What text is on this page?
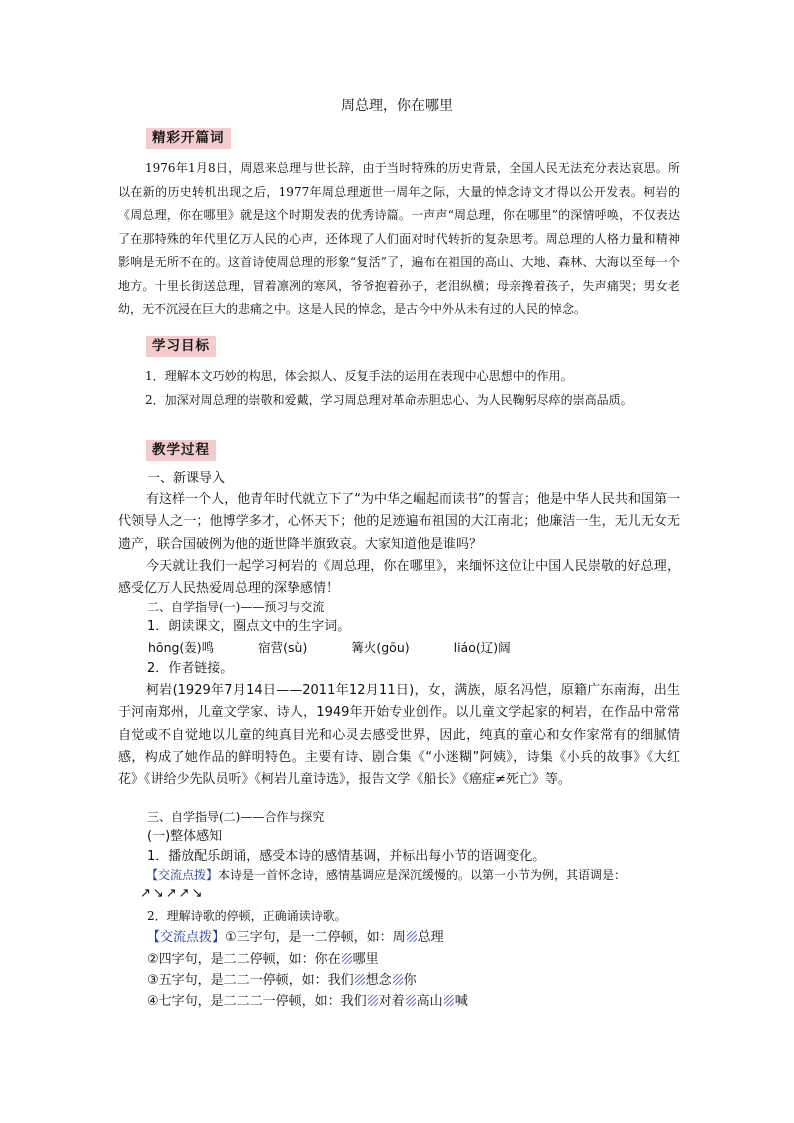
周总理，你在哪里
精彩开篇词
1976年1月8日，周恩来总理与世长辞，由于当时特殊的历史背景，全国人民无法充分表达哀思。所以在新的历史转机出现之后，1977年周总理逝世一周年之际，大量的悼念诗文才得以公开发表。柯岩的《周总理，你在哪里》就是这个时期发表的优秀诗篇。一声声“周总理，你在哪里”的深情呼唤，不仅表达了在那特殊的年代里亿万人民的心声，还体现了人们面对时代转折的复杂思考。周总理的人格力量和精神影响是无所不在的。这首诗使周总理的形象“复活”了，遍布在祖国的高山、大地、森林、大海以至每一个地方。十里长街送总理，冒着凛冽的寒风，爷爷抱着孙子，老泪纵横；母亲搀着孩子，失声痛哭；男女老幼，无不沉浸在巨大的悲痛之中。这是人民的悼念，是古今中外从未有过的人民的悼念。
学习目标
1．理解本文巧妙的构思，体会拟人、反复手法的运用在表现中心思想中的作用。
2．加深对周总理的崇敬和爱戴，学习周总理对革命赤胆忠心、为人民鞠躬尽瘁的崇高品质。
教学过程
一、新课导入
有这样一个人，他青年时代就立下了“为中华之崛起而读书”的誓言；他是中华人民共和国第一代领导人之一；他博学多才，心怀天下；他的足迹遍布祖国的大江南北；他廉洁一生，无儿无女无遗产，联合国破例为他的逝世降半旗致哀。大家知道他是谁吗？
今天就让我们一起学习柯岩的《周总理，你在哪里》，来缅怀这位让中国人民崇敬的好总理，感受亿万人民热爱周总理的深挚感情！
二、自学指导(一)——预习与交流
1．朗读课文，圈点文中的生字词。
hōng(轰)鸣	宿营(sù)	篝火(gōu)	liáo(辽)阔
2．作者链接。
柯岩(1929年7月14日——2011年12月11日)，女，满族，原名冯恺，原籍广东南海，出生于河南郑州，儿童文学家、诗人，1949年开始专业创作。以儿童文学起家的柯岩，在作品中常常自觉或不自觉地以儿童的纯真目光和心灵去感受世界，因此，纯真的童心和女作家常有的细腻情感，构成了她作品的鲜明特色。主要有诗、剧合集《“小迷糊”阿姨》，诗集《小兵的故事》《大红花》《讲给少先队员听》《柯岩儿童诗选》，报告文学《船长》《癌症≠死亡》等。
三、自学指导(二)——合作与探究
(一)整体感知
1．播放配乐朗诵，感受本诗的感情基调，并标出每小节的语调变化。
【交流点拨】本诗是一首怀念诗，感情基调应是深沉缓慢的。以第一小节为例，其语调是：
↗↘↗↗↘
2．理解诗歌的停顿，正确诵读诗歌。
【交流点拨】①三字句，是一二停顿，如：周 总理
②四字句，是二二停顿，如：你在 哪里
③五字句，是二二一停顿，如：我们 想念 你
④七字句，是二二二一停顿，如：我们 对着 高山 喊
